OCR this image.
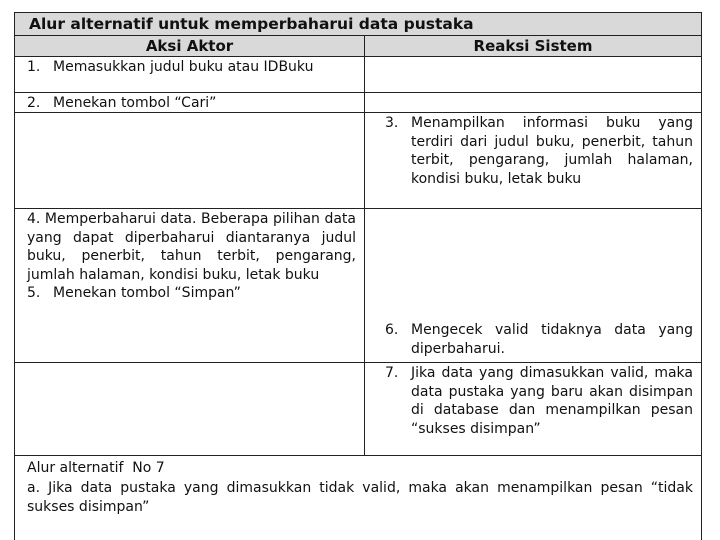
Alur alternatif untuk memperbaharui data pustaka
Aksi Aktor	Reaksi Sistem
1. Memasukkan judul buku atau IDBuku
2. Menekan tombol “Cari”
3. Menampilkan informasi buku yang terdiri dari judul buku, penerbit, tahun terbit, pengarang, jumlah halaman, kondisi buku, letak buku
4. Memperbaharui data. Beberapa pilihan data yang dapat diperbaharui diantaranya judul buku, penerbit, tahun terbit, pengarang, jumlah halaman, kondisi buku, letak buku
5. Menekan tombol “Simpan”
6. Mengecek valid tidaknya data yang diperbaharui.
7. Jika data yang dimasukkan valid, maka data pustaka yang baru akan disimpan di database dan menampilkan pesan “sukses disimpan”
Alur alternatif  No 7
a. Jika data pustaka yang dimasukkan tidak valid, maka akan menampilkan pesan “tidak sukses disimpan”
